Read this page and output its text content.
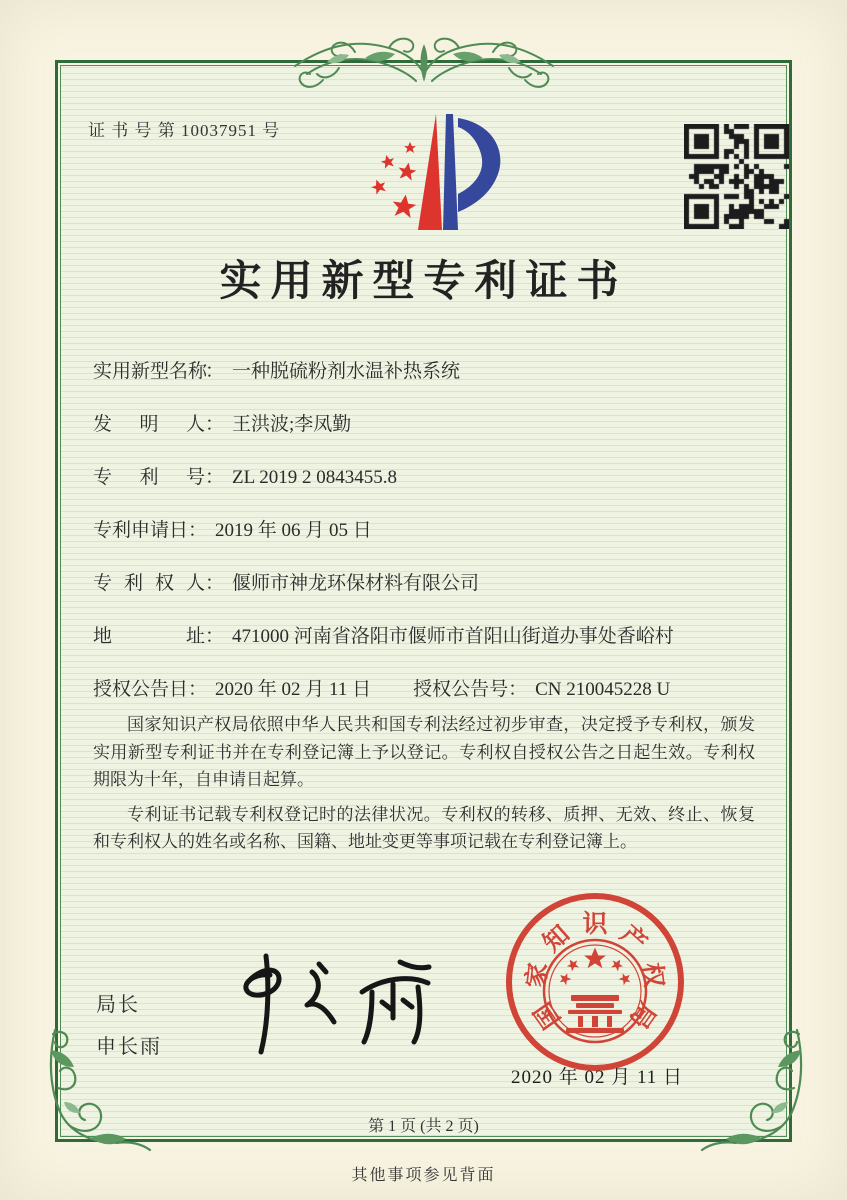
证 书 号 第 10037951 号
实用新型专利证书
实用新型名称
： 一种脱硫粉剂水温补热系统
发明人 ： 王洪波;李凤勤
专利号 ： ZL 2019 2 0843455.8
专利申请日 ： 2019 年 06 月 05 日
专利权人 ： 偃师市神龙环保材料有限公司
地址 ： 471000 河南省洛阳市偃师市首阳山街道办事处香峪村
授权公告日 ： 2020 年 02 月 11 日 授权公告号 ： CN 210045228 U

国家知识产权局依照中华人民共和国专利法经过初步审查，决定授予专利权，颁发实用新型专利证书并在专利登记簿上予以登记。专利权自授权公告之日起生效。专利权期限为十年，自申请日起算。

专利证书记载专利权登记时的法律状况。专利权的转移、质押、无效、终止、恢复和专利权人的姓名或名称、国籍、地址变更等事项记载在专利登记簿上。

局长
申长雨
国
家
知 识 产
权
局
2020 年 02 月 11 日
第 1 页 (共 2 页)
其他事项参见背面
